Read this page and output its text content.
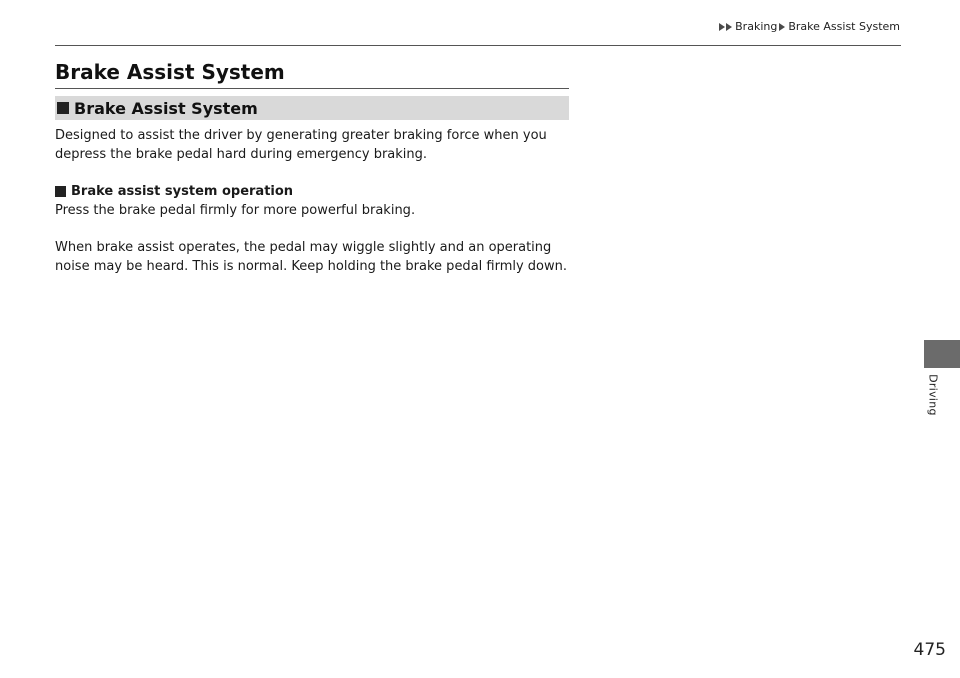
Braking Brake Assist System
Brake Assist System
Brake Assist System

Designed to assist the driver by generating greater braking force when you depress the brake pedal hard during emergency braking.

Brake assist system operation

Press the brake pedal firmly for more powerful braking.

When brake assist operates, the pedal may wiggle slightly and an operating noise may be heard. This is normal. Keep holding the brake pedal firmly down.

Driving
475
